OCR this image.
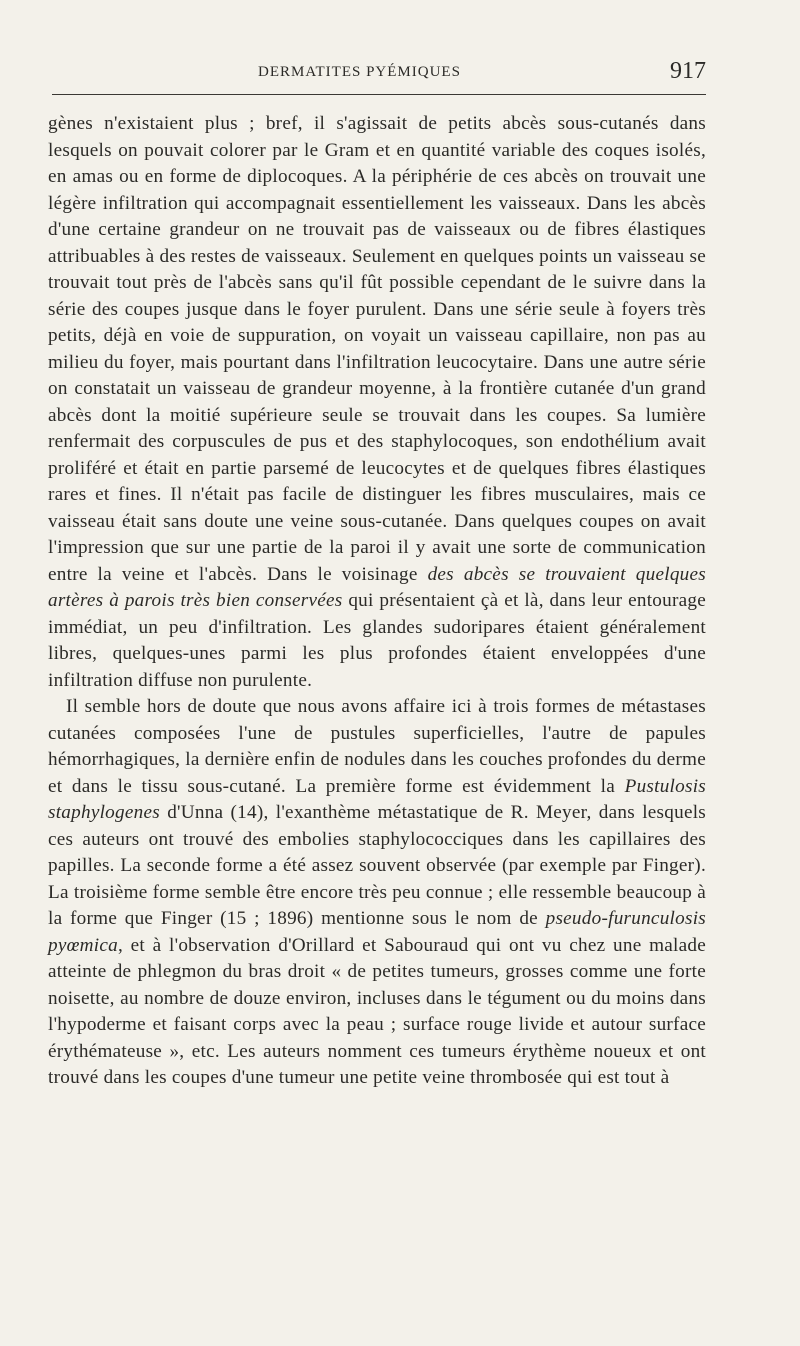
DERMATITES PYÉMIQUES	917

gènes n'existaient plus ; bref, il s'agissait de petits abcès sous-cutanés dans lesquels on pouvait colorer par le Gram et en quantité variable des coques isolés, en amas ou en forme de diplocoques. A la périphérie de ces abcès on trouvait une légère infiltration qui accompagnait essentiellement les vaisseaux. Dans les abcès d'une certaine grandeur on ne trouvait pas de vaisseaux ou de fibres élastiques attribuables à des restes de vaisseaux. Seulement en quelques points un vaisseau se trouvait tout près de l'abcès sans qu'il fût possible cependant de le suivre dans la série des coupes jusque dans le foyer purulent. Dans une série seule à foyers très petits, déjà en voie de suppuration, on voyait un vaisseau capillaire, non pas au milieu du foyer, mais pourtant dans l'infiltration leucocytaire. Dans une autre série on constatait un vaisseau de grandeur moyenne, à la frontière cutanée d'un grand abcès dont la moitié supérieure seule se trouvait dans les coupes. Sa lumière renfermait des corpuscules de pus et des staphylocoques, son endothélium avait proliféré et était en partie parsemé de leucocytes et de quelques fibres élastiques rares et fines. Il n'était pas facile de distinguer les fibres musculaires, mais ce vaisseau était sans doute une veine sous-cutanée. Dans quelques coupes on avait l'impression que sur une partie de la paroi il y avait une sorte de communication entre la veine et l'abcès. Dans le voisinage des abcès se trouvaient quelques artères à parois très bien conservées qui présentaient çà et là, dans leur entourage immédiat, un peu d'infiltration. Les glandes sudoripares étaient généralement libres, quelques-unes parmi les plus profondes étaient enveloppées d'une infiltration diffuse non purulente.

Il semble hors de doute que nous avons affaire ici à trois formes de métastases cutanées composées l'une de pustules superficielles, l'autre de papules hémorrhagiques, la dernière enfin de nodules dans les couches profondes du derme et dans le tissu sous-cutané. La première forme est évidemment la Pustulosis staphylogenes d'Unna (14), l'exanthème métastatique de R. Meyer, dans lesquels ces auteurs ont trouvé des embolies staphylococciques dans les capillaires des papilles. La seconde forme a été assez souvent observée (par exemple par Finger). La troisième forme semble être encore très peu connue ; elle ressemble beaucoup à la forme que Finger (15 ; 1896) mentionne sous le nom de pseudo-furunculosis pyœmica, et à l'observation d'Orillard et Sabouraud qui ont vu chez une malade atteinte de phlegmon du bras droit « de petites tumeurs, grosses comme une forte noisette, au nombre de douze environ, incluses dans le tégument ou du moins dans l'hypoderme et faisant corps avec la peau ; surface rouge livide et autour surface érythémateuse », etc. Les auteurs nomment ces tumeurs érythème noueux et ont trouvé dans les coupes d'une tumeur une petite veine thrombosée qui est tout à
